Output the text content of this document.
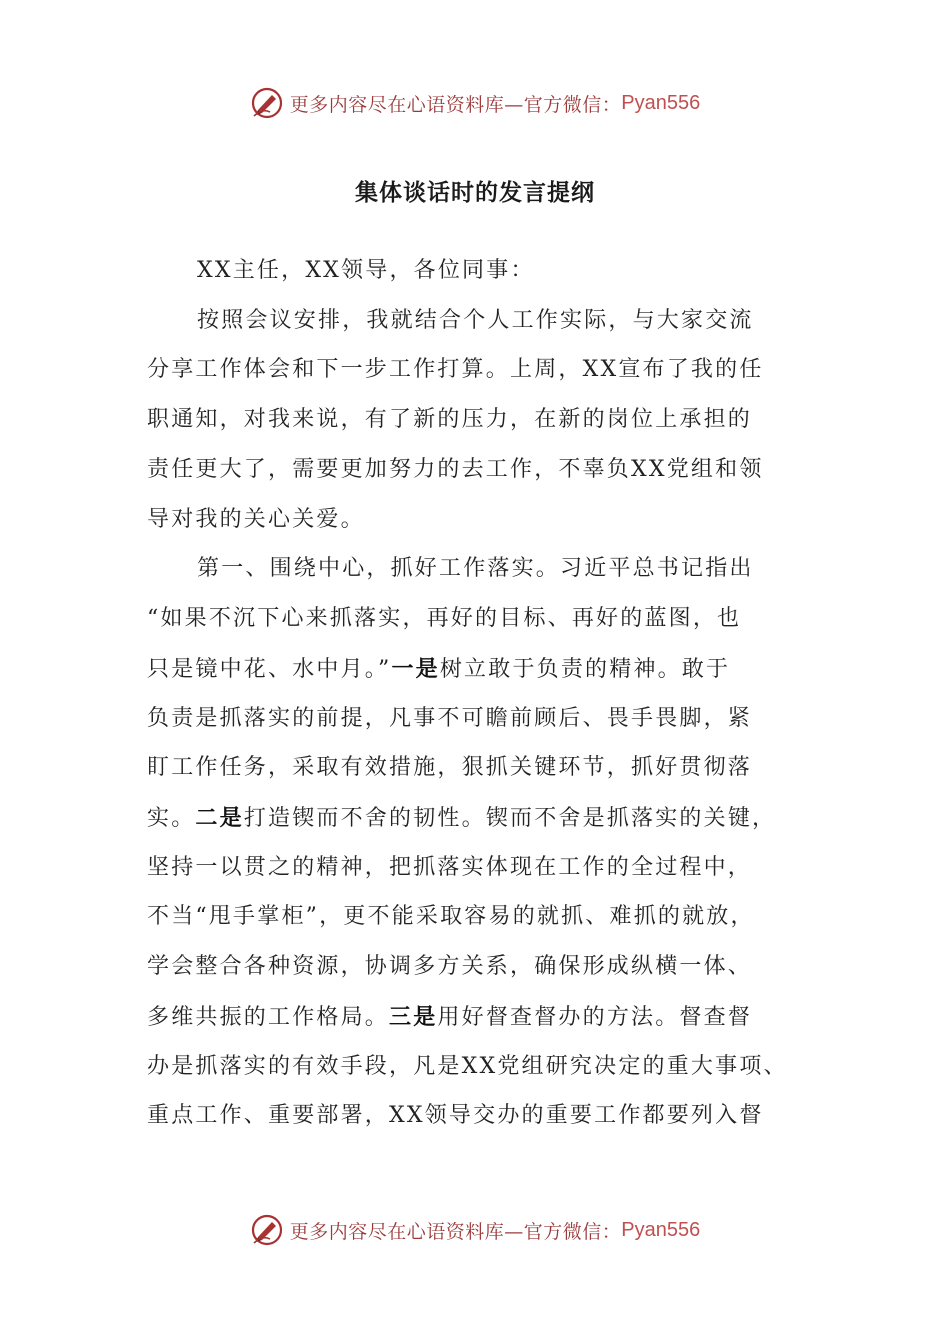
更多内容尽在心语资料库—官方微信： Pyan556
集体谈话时的发言提纲
XX主任，XX领导，各位同事：
按照会议安排，我就结合个人工作实际，与大家交流
分享工作体会和下一步工作打算。上周，XX宣布了我的任
职通知，对我来说，有了新的压力，在新的岗位上承担的
责任更大了，需要更加努力的去工作，不辜负XX党组和领
导对我的关心关爱。
第一、围绕中心，抓好工作落实。习近平总书记指出
“如果不沉下心来抓落实，再好的目标、再好的蓝图，也
只是镜中花、水中月。”一是树立敢于负责的精神。敢于
负责是抓落实的前提，凡事不可瞻前顾后、畏手畏脚，紧
盯工作任务，采取有效措施，狠抓关键环节，抓好贯彻落
实。二是打造锲而不舍的韧性。锲而不舍是抓落实的关键，
坚持一以贯之的精神，把抓落实体现在工作的全过程中，
不当“甩手掌柜”，更不能采取容易的就抓、难抓的就放，
学会整合各种资源，协调多方关系，确保形成纵横一体、
多维共振的工作格局。三是用好督查督办的方法。督查督
办是抓落实的有效手段，凡是XX党组研究决定的重大事项、
重点工作、重要部署，XX领导交办的重要工作都要列入督
更多内容尽在心语资料库—官方微信： Pyan556
